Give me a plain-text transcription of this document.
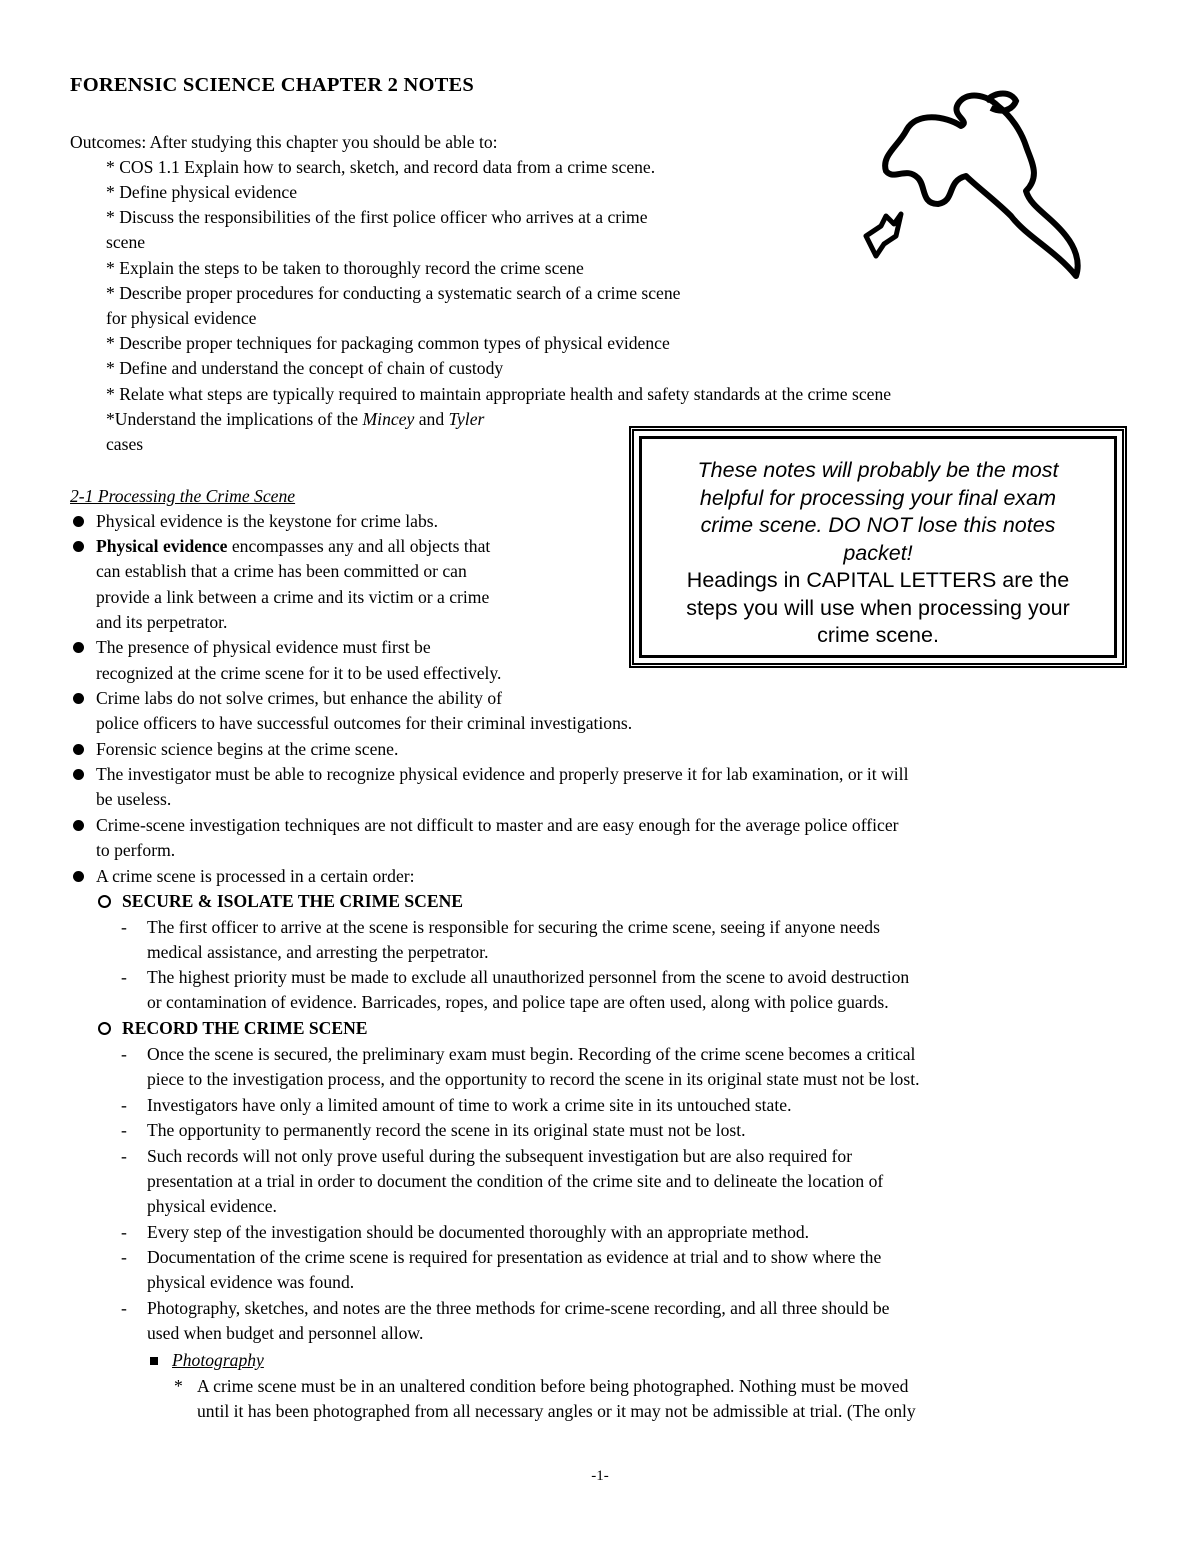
FORENSIC SCIENCE CHAPTER 2 NOTES
Outcomes: After studying this chapter you should be able to:
* COS 1.1 Explain how to search, sketch, and record data from a crime scene.
* Define physical evidence
* Discuss the responsibilities of the first police officer who arrives at a crime
scene
* Explain the steps to be taken to thoroughly record the crime scene
* Describe proper procedures for conducting a systematic search of a crime scene
for physical evidence
* Describe proper techniques for packaging common types of physical evidence
* Define and understand the concept of chain of custody
* Relate what steps are typically required to maintain appropriate health and safety standards at the crime scene
*Understand the implications of the Mincey and Tyler
cases
These notes will probably be the most
helpful for processing your final exam
crime scene. DO NOT lose this notes
packet!
Headings in CAPITAL LETTERS are the
steps you will use when processing your
crime scene.
2-1 Processing the Crime Scene
Physical evidence is the keystone for crime labs.
Physical evidence encompasses any and all objects that
can establish that a crime has been committed or can
provide a link between a crime and its victim or a crime
and its perpetrator.
The presence of physical evidence must first be
recognized at the crime scene for it to be used effectively.
Crime labs do not solve crimes, but enhance the ability of
police officers to have successful outcomes for their criminal investigations.
Forensic science begins at the crime scene.
The investigator must be able to recognize physical evidence and properly preserve it for lab examination, or it will
be useless.
Crime-scene investigation techniques are not difficult to master and are easy enough for the average police officer
to perform.
A crime scene is processed in a certain order:
SECURE & ISOLATE THE CRIME SCENE
- The first officer to arrive at the scene is responsible for securing the crime scene, seeing if anyone needs
medical assistance, and arresting the perpetrator.
- The highest priority must be made to exclude all unauthorized personnel from the scene to avoid destruction
or contamination of evidence. Barricades, ropes, and police tape are often used, along with police guards.
RECORD THE CRIME SCENE
- Once the scene is secured, the preliminary exam must begin. Recording of the crime scene becomes a critical
piece to the investigation process, and the opportunity to record the scene in its original state must not be lost.
- Investigators have only a limited amount of time to work a crime site in its untouched state.
- The opportunity to permanently record the scene in its original state must not be lost.
- Such records will not only prove useful during the subsequent investigation but are also required for
presentation at a trial in order to document the condition of the crime site and to delineate the location of
physical evidence.
- Every step of the investigation should be documented thoroughly with an appropriate method.
- Documentation of the crime scene is required for presentation as evidence at trial and to show where the
physical evidence was found.
- Photography, sketches, and notes are the three methods for crime-scene recording, and all three should be
used when budget and personnel allow.
Photography
* A crime scene must be in an unaltered condition before being photographed. Nothing must be moved
until it has been photographed from all necessary angles or it may not be admissible at trial. (The only
-1-
